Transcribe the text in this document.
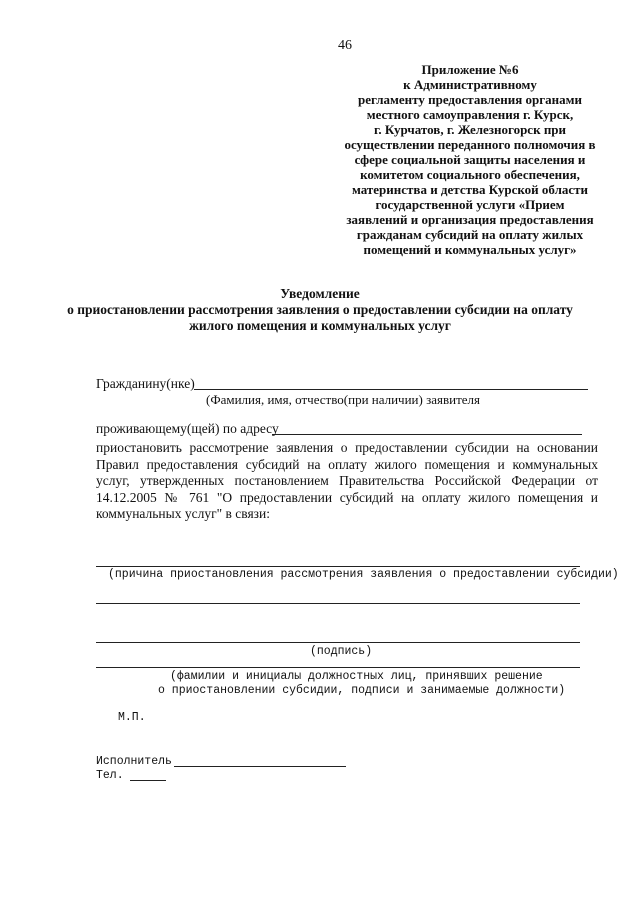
46
Приложение №6
к Административному
регламенту предоставления органами
местного самоуправления г. Курск,
г. Курчатов, г. Железногорск при
осуществлении переданного полномочия в
сфере социальной защиты населения и
комитетом социального обеспечения,
материнства и детства Курской области
государственной услуги «Прием
заявлений и организация предоставления
гражданам субсидий на оплату жилых
помещений и коммунальных услуг»
Уведомление
о приостановлении рассмотрения заявления о предоставлении субсидии на оплату
жилого помещения и коммунальных услуг
Гражданину(нке)
(Фамилия, имя, отчество(при наличии) заявителя
проживающему(щей) по адресу
приостановить рассмотрение заявления о предоставлении субсидии на основании Правил предоставления субсидий на оплату жилого помещения и коммунальных услуг, утвержденных постановлением Правительства Российской Федерации от 14.12.2005 № 761 "О предоставлении субсидий на оплату жилого помещения и коммунальных услуг" в связи:
(причина приостановления рассмотрения заявления о предоставлении субсидии)
(подпись)
(фамилии и инициалы должностных лиц, принявших решение
о приостановлении субсидии, подписи и занимаемые должности)
М.П.
Исполнитель
Тел.
